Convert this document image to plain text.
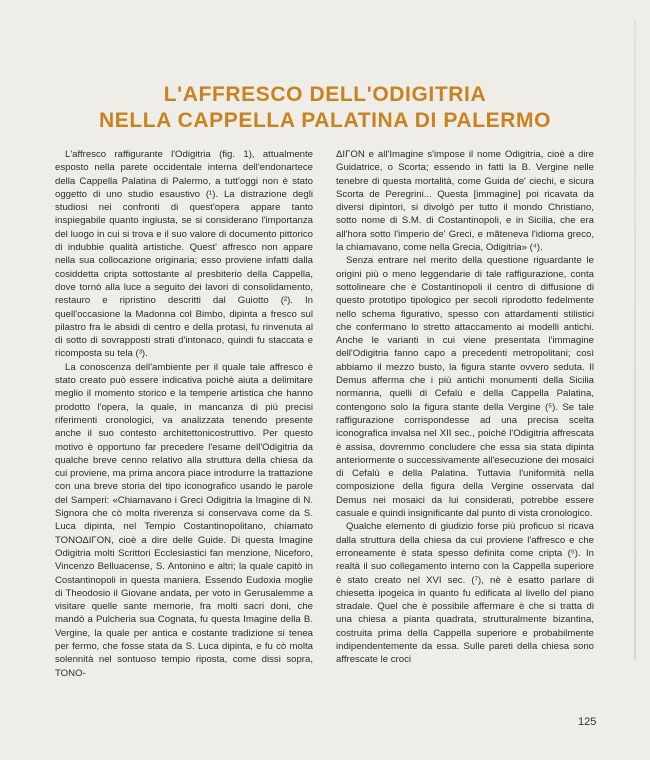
L'AFFRESCO DELL'ODIGITRIA
NELLA CAPPELLA PALATINA DI PALERMO

L'affresco raffigurante l'Odigitria (fig. 1), attualmente esposto nella parete occidentale interna dell'endonartece della Cappella Palatina di Palermo, a tutt'oggi non è stato oggetto di uno studio esaustivo (¹). La distrazione degli studiosi nei confronti di quest'opera appare tanto inspiegabile quanto ingiusta, se si considerano l'importanza del luogo in cui si trova e il suo valore di documento pittorico di indubbie qualità artistiche. Quest' affresco non appare nella sua collocazione originaria; esso proviene infatti dalla cosiddetta cripta sottostante al presbiterio della Cappella, dove tornò alla luce a seguito dei lavori di consolidamento, restauro e ripristino descritti dal Guiotto (²). In quell'occasione la Madonna col Bimbo, dipinta a fresco sul pilastro fra le absidi di centro e della protasi, fu rinvenuta al di sotto di sovrapposti strati d'intonaco, quindi fu staccata e ricomposta su tela (³).

La conoscenza dell'ambiente per il quale tale affresco è stato creato può essere indicativa poichè aiuta a delimitare meglio il momento storico e la temperie artistica che hanno prodotto l'opera, la quale, in mancanza di più precisi riferimenti cronologici, va analizzata tenendo presente anche il suo contesto architettonicostruttivo. Per questo motivo è opportuno far precedere l'esame dell'Odigitria da qualche breve cenno relativo alla struttura della chiesa da cui proviene, ma prima ancora piace introdurre la trattazione con una breve storia del tipo iconografico usando le parole del Samperi: «Chiamavano i Greci Odigitria la Imagine di N. Signora che cò molta riverenza si conservava come da S. Luca dipinta, nel Tempio Costantinopolitano, chiamato TONΟΔΙΓΟΝ, cioè a dire delle Guide. Di questa Imagine Odigitria molti Scrittori Ecclesiastici fan menzione, Niceforo, Vincenzo Belluacense, S. Antonino e altri; la quale capitò in Costantinopoli in questa maniera. Essendo Eudoxia moglie di Theodosio il Giovane andata, per voto in Gerusalemme a visitare quelle sante memorie, fra molti sacri doni, che mandò a Pulcheria sua Cognata, fu questa Imagine della B. Vergine, la quale per antica e costante tradizione si tenea per fermo, che fosse stata da S. Luca dipinta, e fu cò molta solennità nel sontuoso tempio riposta, come dissi sopra, TONO-

ΔΙΓΟΝ e all'Imagine s'impose il nome Odigitria, cioè a dire Guidatrice, o Scorta; essendo in fatti la B. Vergine nelle tenebre di questa mortalità, come Guida de' ciechi, e sicura Scorta de Peregrini... Questa [immagine] poi ricavata da diversi dipintori, si divolgò per tutto il mondo Christiano, sotto nome di S.M. di Costantinopoli, e in Sicilia, che era all'hora sotto l'imperio de' Greci, e mãteneva l'idioma greco, la chiamavano, come nella Grecia, Odigitria» (⁴).

Senza entrare nel merito della questione riguardante le origini più o meno leggendarie di tale raffigurazione, conta sottolineare che è Costantinopoli il centro di diffusione di questo prototipo tipologico per secoli riprodotto fedelmente nello schema figurativo, spesso con attardamenti stilistici che confermano lo stretto attaccamento ai modelli antichi. Anche le varianti in cui viene presentata l'immagine dell'Odigitria fanno capo a precedenti metropolitani; così abbiamo il mezzo busto, la figura stante ovvero seduta. Il Demus afferma che i più antichi monumenti della Sicilia normanna, quelli di Cefalù e della Cappella Palatina, contengono solo la figura stante della Vergine (⁵). Se tale raffigurazione corrispondesse ad una precisa scelta iconografica invalsa nel XII sec., poiché l'Odigitria affrescata è assisa, dovremmo concludere che essa sia stata dipinta anteriormente o successivamente all'esecuzione dei mosaici di Cefalù e della Palatina. Tuttavia l'uniformità nella composizione della figura della Vergine osservata dal Demus nei mosaici da lui considerati, potrebbe essere casuale e quindi insignificante dal punto di vista cronologico.

Qualche elemento di giudizio forse più proficuo si ricava dalla struttura della chiesa da cui proviene l'affresco e che erroneamente è stata spesso definita come cripta (⁶). In realtà il suo collegamento interno con la Cappella superiore è stato creato nel XVI sec. (⁷), nè è esatto parlare di chiesetta ipogeica in quanto fu edificata al livello del piano stradale. Quel che è possibile affermare è che si tratta di una chiesa a pianta quadrata, strutturalmente bizantina, costruita prima della Cappella superiore e probabilmente indipendentemente da essa. Sulle pareti della chiesa sono affrescate le croci

125
